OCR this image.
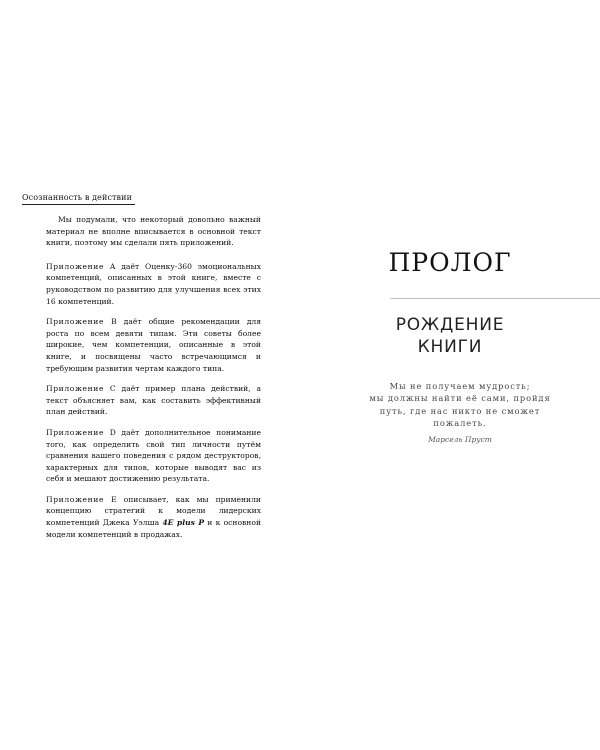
Осознанность в действии

Мы подумали, что некоторый довольно важный материал не вполне вписывается в основной текст книги, поэтому мы сделали пять приложений.

Приложение A даёт Оценку-360 эмоциональных компетенций, описанных в этой книге, вместе с руководством по развитию для улучшения всех этих 16 компетенций.

Приложение B даёт общие рекомендации для роста по всем девяти типам. Эти советы более широкие, чем компетенции, описанные в этой книге, и посвящены часто встречающимся и требующим развития чертам каждого типа.

Приложение C даёт пример плана действий, а текст объясняет вам, как составить эффективный план действий.

Приложение D даёт дополнительное понимание того, как определить свой тип личности путём сравнения вашего поведения с рядом деструкторов, характерных для типов, которые выводят вас из себя и мешают достижению результата.

Приложение E описывает, как мы применили концепцию стратегий к модели лидерских компетенций Джека Уэлша 4E plus P и к основной модели компетенций в продажах.

ПРОЛОГ
РОЖДЕНИЕ
КНИГИ
Мы не получаем мудрость;
мы должны найти её сами, пройдя
путь, где нас никто не сможет
пожалеть.
Марсель Пруст
